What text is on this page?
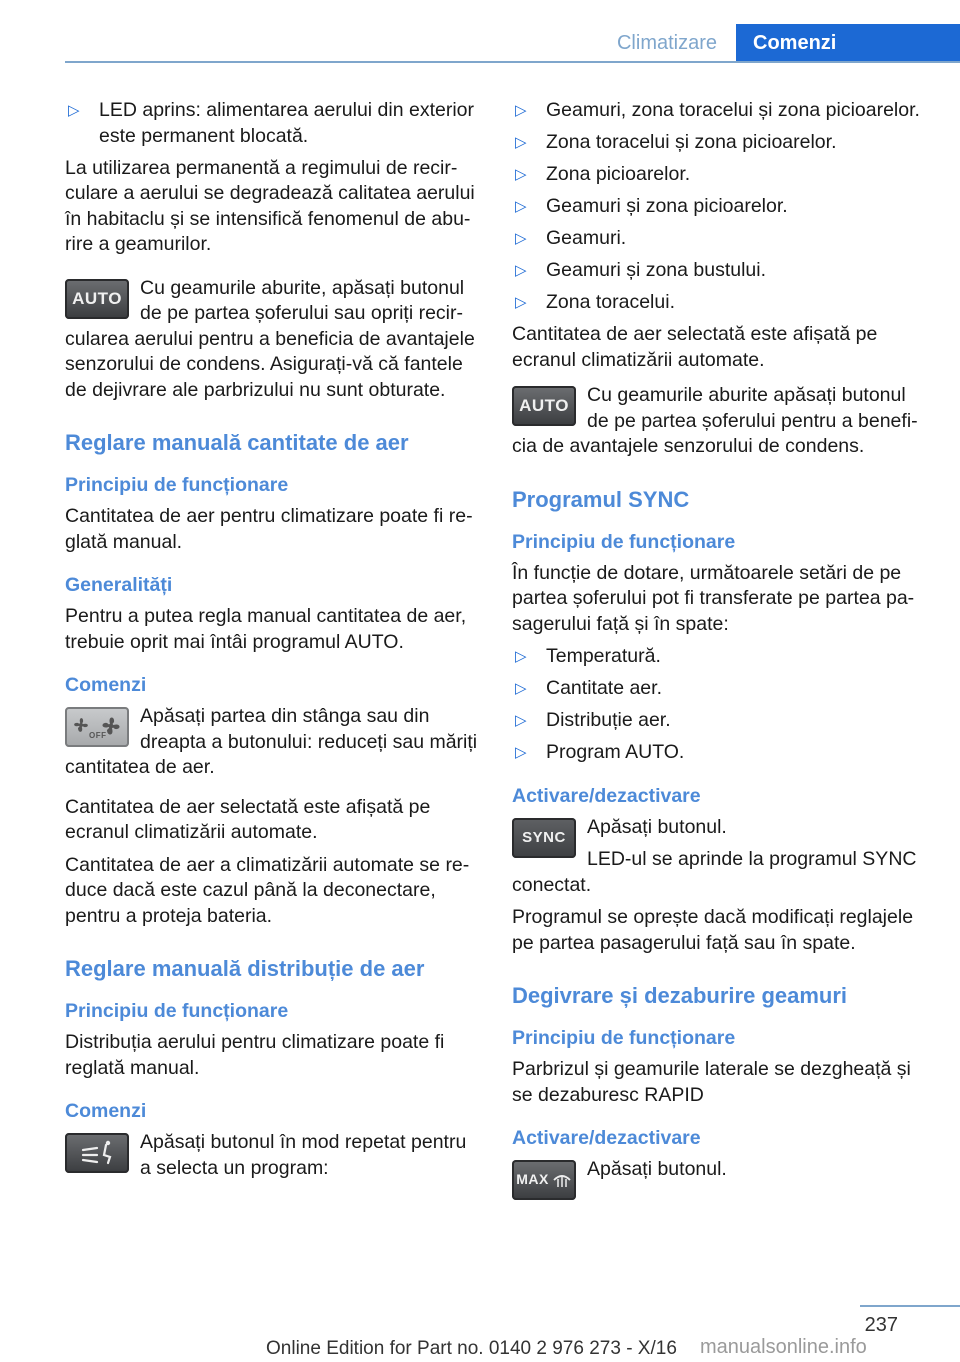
Climatizare	Comenzi
▷ LED aprins: alimentarea aerului din exterior este permanent blocată.

La utilizarea permanentă a regimului de recirculare a aerului se degradează calitatea aerului în habitaclu și se intensifică fenomenul de aburire a geamurilor.

AUTO Cu geamurile aburite, apăsați butonul de pe partea șoferului sau opriți recircularea aerului pentru a beneficia de avantajele senzorului de condens. Asigurați-vă că fantele de dejivrare ale parbrizului nu sunt obturate.
Reglare manuală cantitate de aer
Principiu de funcționare

Cantitatea de aer pentru climatizare poate fi reglată manual.

Generalități

Pentru a putea regla manual cantitatea de aer, trebuie oprit mai întâi programul AUTO.

Comenzi
OFF
Apăsați partea din stânga sau din dreapta a butonului: reduceți sau măriți cantitatea de aer.

Cantitatea de aer selectată este afișată pe ecranul climatizării automate.

Cantitatea de aer a climatizării automate se reduce dacă este cazul până la deconectare, pentru a proteja bateria.

Reglare manuală distribuție de aer
Principiu de funcționare

Distribuția aerului pentru climatizare poate fi reglată manual.

Comenzi
Apăsați butonul în mod repetat pentru a selecta un program:
▷ Geamuri, zona toracelui și zona picioarelor.
▷ Zona toracelui și zona picioarelor.
▷ Zona picioarelor.
▷ Geamuri și zona picioarelor.
▷ Geamuri.
▷ Geamuri și zona bustului.
▷ Zona toracelui.

Cantitatea de aer selectată este afișată pe ecranul climatizării automate.

AUTO Cu geamurile aburite apăsați butonul de pe partea șoferului pentru a beneficia de avantajele senzorului de condens.
Programul SYNC
Principiu de funcționare

În funcție de dotare, următoarele setări de pe partea șoferului pot fi transferate pe partea pasagerului față și în spate:

▷ Temperatură.
▷ Cantitate aer.
▷ Distribuție aer.
▷ Program AUTO.
Activare/dezactivare
SYNC	Apăsați butonul.
LED-ul se aprinde la programul SYNC conectat.

Programul se oprește dacă modificați reglajele pe partea pasagerului față sau în spate.

Degivrare și dezaburire geamuri
Principiu de funcționare

Parbrizul și geamurile laterale se dezgheață și se dezaburesc RAPID

Activare/dezactivare
MAX Apăsați butonul.
237
Online Edition for Part no. 0140 2 976 273 - X/16	manualsonline.info
